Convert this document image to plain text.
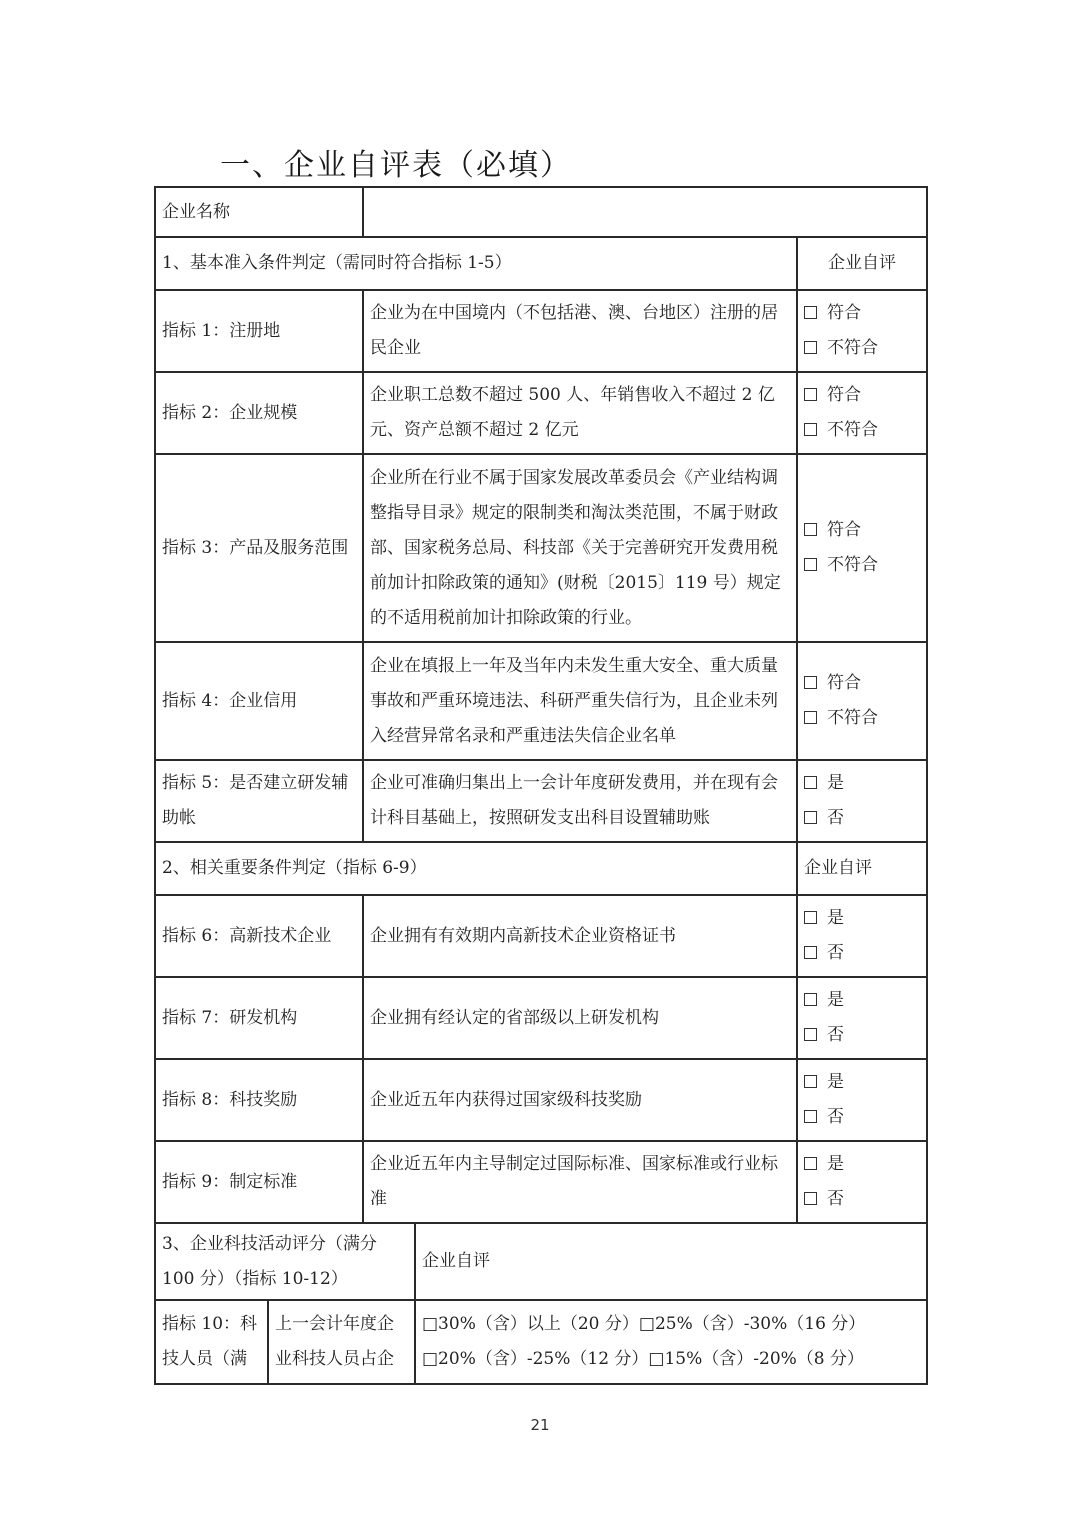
一、企业自评表（必填）
企业名称				
1、基本准入条件判定（需同时符合指标 1-5）				企业自评
指标 1：注册地		企业为在中国境内（不包括港、澳、台地区）注册的居民企业		符合
不符合

指标 2：企业规模		企业职工总数不超过 500 人、年销售收入不超过 2 亿元、资产总额不超过 2 亿元		符合
不符合

指标 3：产品及服务范围		企业所在行业不属于国家发展改革委员会《产业结构调整指导目录》规定的限制类和淘汰类范围，不属于财政部、国家税务总局、科技部《关于完善研究开发费用税前加计扣除政策的通知》(财税〔2015〕119 号）规定的不适用税前加计扣除政策的行业。		符合
不符合

指标 4：企业信用		企业在填报上一年及当年内未发生重大安全、重大质量事故和严重环境违法、科研严重失信行为，且企业未列入经营异常名录和严重违法失信企业名单		符合
不符合

指标 5：是否建立研发辅助帐		企业可准确归集出上一会计年度研发费用，并在现有会计科目基础上，按照研发支出科目设置辅助账		是
否

2、相关重要条件判定（指标 6-9）				企业自评
指标 6：高新技术企业		企业拥有有效期内高新技术企业资格证书		是
否

指标 7：研发机构		企业拥有经认定的省部级以上研发机构		是
否

指标 8：科技奖励		企业近五年内获得过国家级科技奖励		是
否

指标 9：制定标准		企业近五年内主导制定过国际标准、国家标准或行业标准		是
否

3、企业科技活动评分（满分 100 分）（指标 10-12）			企业自评	
指标 10：科技人员（满	上一会计年度企业科技人员占企		□30%（含）以上（20 分）□25%（含）-30%（16 分）
□20%（含）-25%（12 分）□15%（含）-20%（8 分）	
21
